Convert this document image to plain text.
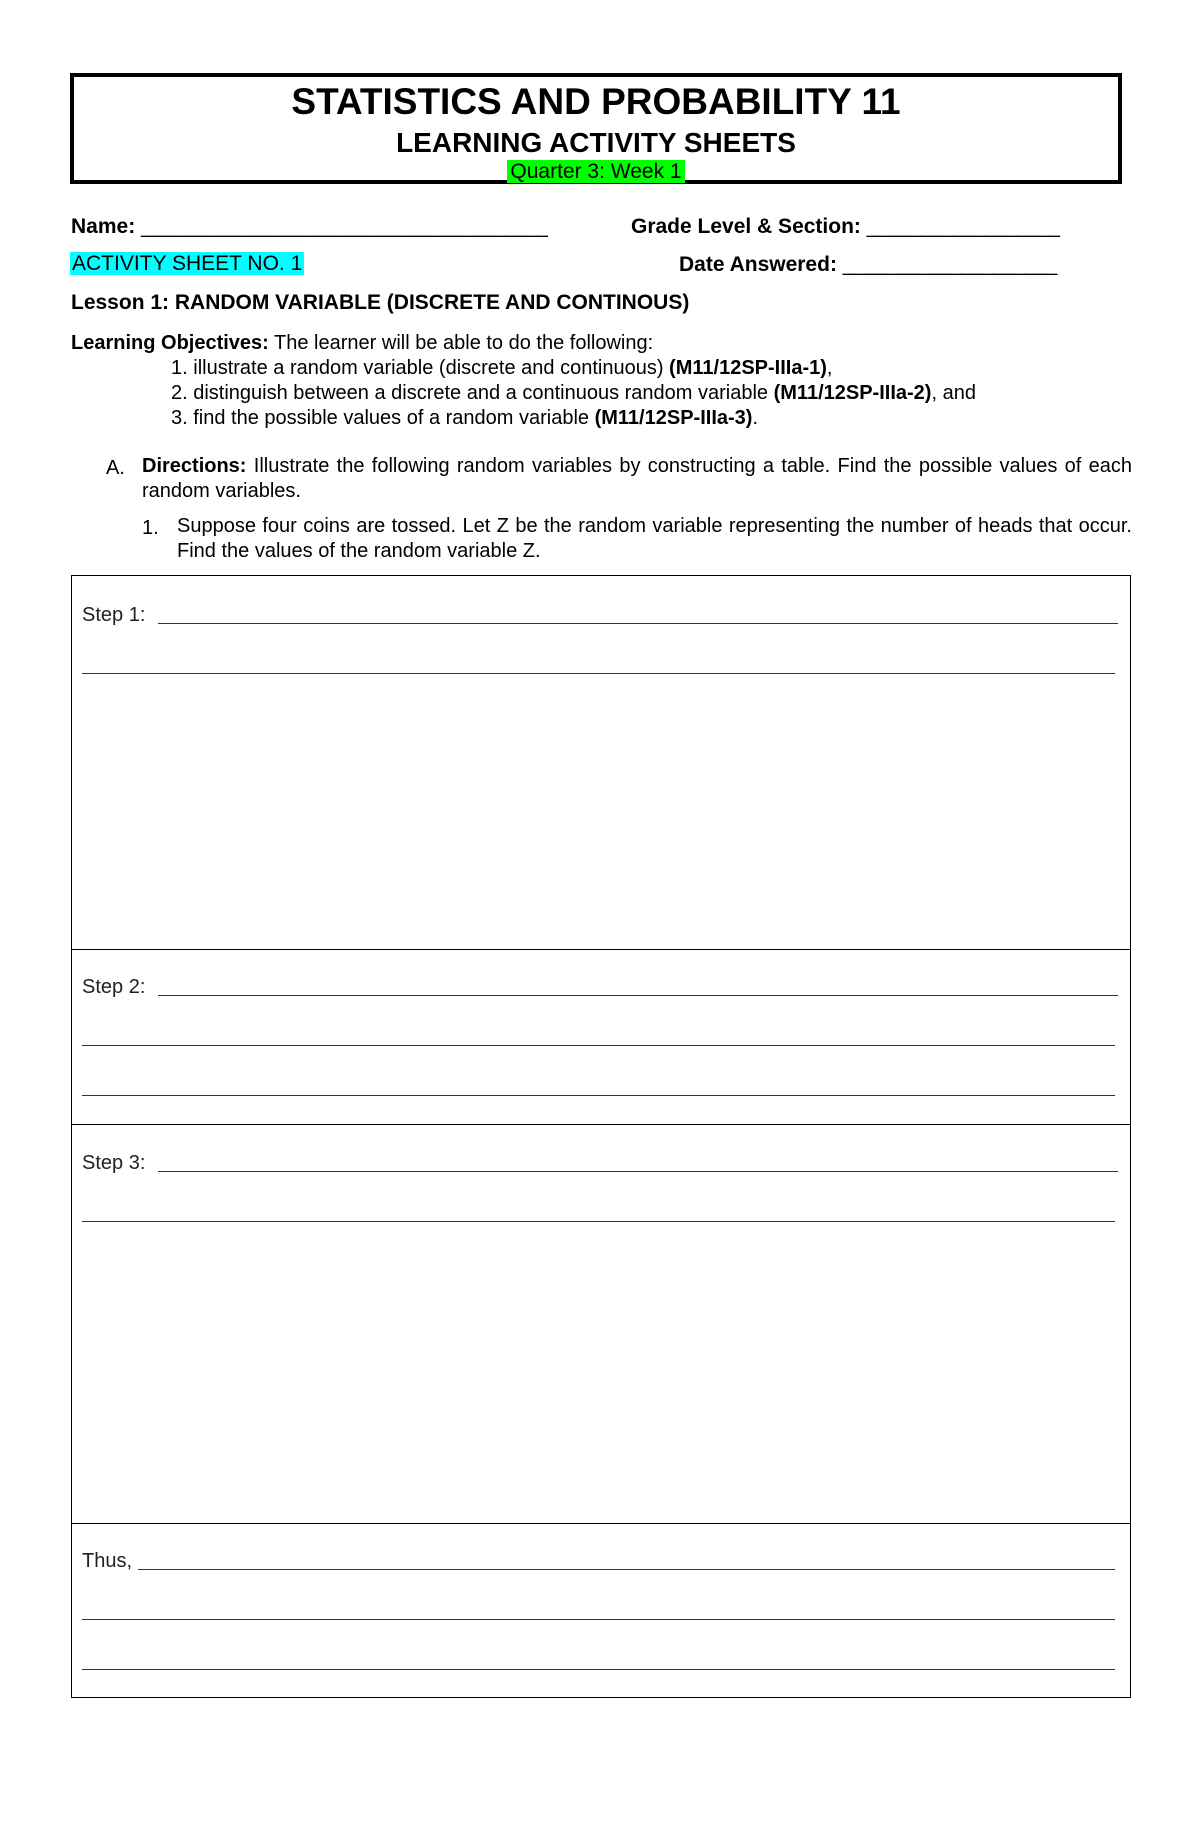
STATISTICS AND PROBABILITY 11
LEARNING ACTIVITY SHEETS
Quarter 3: Week 1
Name: ______________________________________	Grade Level & Section: __________________
ACTIVITY SHEET NO. 1	Date Answered: ____________________
Lesson 1: RANDOM VARIABLE (DISCRETE AND CONTINOUS)
Learning Objectives: The learner will be able to do the following:
1. illustrate a random variable (discrete and continuous) (M11/12SP-IIIa-1),
2. distinguish between a discrete and a continuous random variable (M11/12SP-IIIa-2), and
3. find the possible values of a random variable (M11/12SP-IIIa-3).
A. Directions: Illustrate the following random variables by constructing a table. Find the possible values of each random variables.
1. Suppose four coins are tossed. Let Z be the random variable representing the number of heads that occur. Find the values of the random variable Z.
Step 1:
Step 2:
Step 3:
Thus,
